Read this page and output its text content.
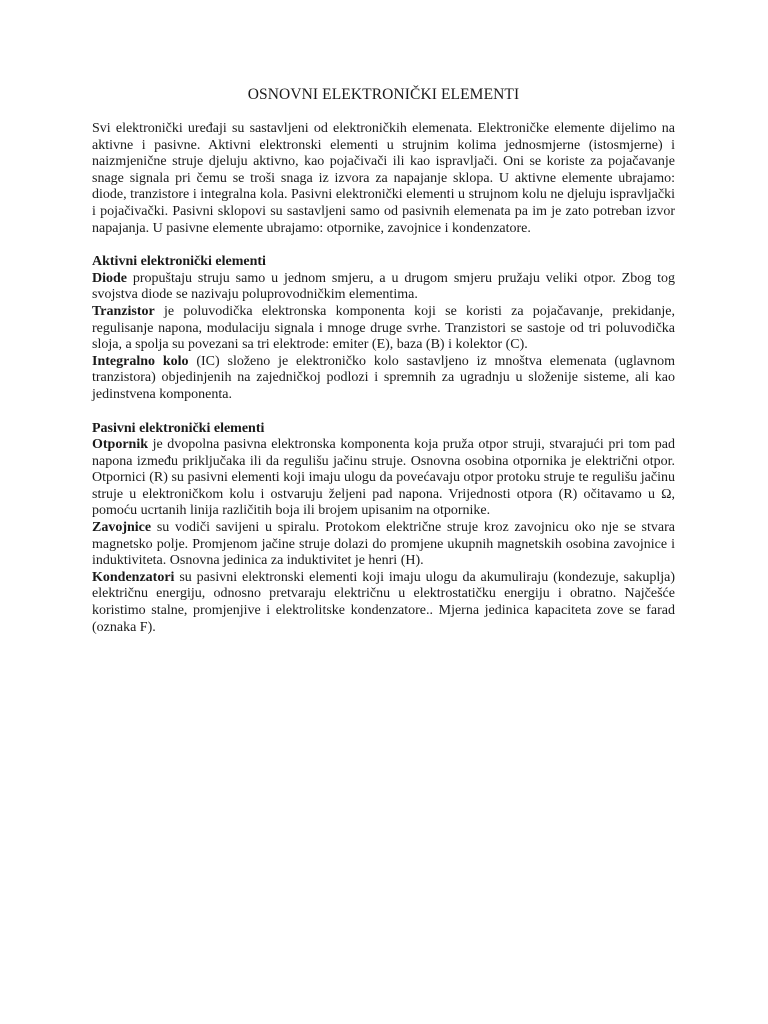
OSNOVNI ELEKTRONIČKI ELEMENTI

Svi elektronički uređaji su sastavljeni od elektroničkih elemenata. Elektroničke elemente dijelimo na aktivne i pasivne. Aktivni elektronski elementi u strujnim kolima jednosmjerne (istosmjerne) i naizmjenične struje djeluju aktivno, kao pojačivači ili kao ispravljači. Oni se koriste za pojačavanje snage signala pri čemu se troši snaga iz izvora za napajanje sklopa. U aktivne elemente ubrajamo: diode, tranzistore i integralna kola. Pasivni elektronički elementi u strujnom kolu ne djeluju ispravljački i pojačivački. Pasivni sklopovi su sastavljeni samo od pasivnih elemenata pa im je zato potreban izvor napajanja. U pasivne elemente ubrajamo: otpornike, zavojnice i kondenzatore.

Aktivni elektronički elementi

Diode propuštaju struju samo u jednom smjeru, a u drugom smjeru pružaju veliki otpor. Zbog tog svojstva diode se nazivaju poluprovodničkim elementima.

Tranzistor je poluvodička elektronska komponenta koji se koristi za pojačavanje, prekidanje, regulisanje napona, modulaciju signala i mnoge druge svrhe. Tranzistori se sastoje od tri poluvodička sloja, a spolja su povezani sa tri elektrode: emiter (E), baza (B) i kolektor (C).

Integralno kolo (IC) složeno je elektroničko kolo sastavljeno iz mnoštva elemenata (uglavnom tranzistora) objedinjenih na zajedničkoj podlozi i spremnih za ugradnju u složenije sisteme, ali kao jedinstvena komponenta.

Pasivni elektronički elementi

Otpornik je dvopolna pasivna elektronska komponenta koja pruža otpor struji, stvarajući pri tom pad napona između priključaka ili da regulišu jačinu struje. Osnovna osobina otpornika je električni otpor. Otpornici (R) su pasivni elementi koji imaju ulogu da povećavaju otpor protoku struje te regulišu jačinu struje u elektroničkom kolu i ostvaruju željeni pad napona. Vrijednosti otpora (R) očitavamo u Ω, pomoću ucrtanih linija različitih boja ili brojem upisanim na otpornike.

Zavojnice su vodiči savijeni u spiralu. Protokom električne struje kroz zavojnicu oko nje se stvara magnetsko polje. Promjenom jačine struje dolazi do promjene ukupnih magnetskih osobina zavojnice i induktiviteta. Osnovna jedinica za induktivitet je henri (H).

Kondenzatori su pasivni elektronski elementi koji imaju ulogu da akumuliraju (kondezuje, sakuplja) električnu energiju, odnosno pretvaraju električnu u elektrostatičku energiju i obratno. Najčešće koristimo stalne, promjenjive i elektrolitske kondenzatore.. Mjerna jedinica kapaciteta zove se farad (oznaka F).
